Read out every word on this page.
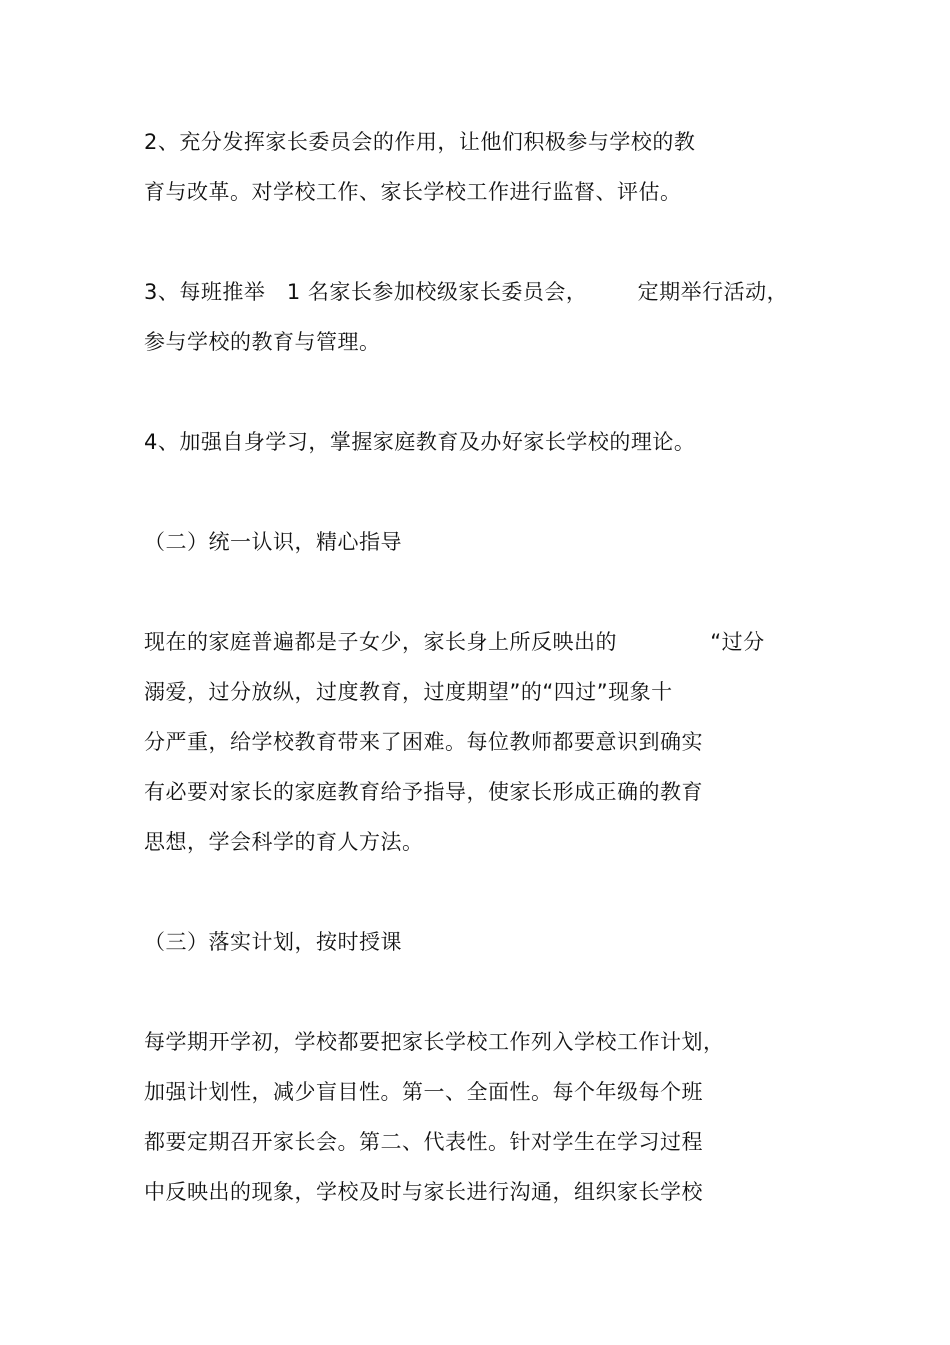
2、充分发挥家长委员会的作用，让他们积极参与学校的教
育与改革。对学校工作、家长学校工作进行监督、评估。
3、每班推举   1 名家长参加校级家长委员会，       定期举行活动，
参与学校的教育与管理。
4、加强自身学习，掌握家庭教育及办好家长学校的理论。
（二）统一认识，精心指导
现在的家庭普遍都是子女少，家长身上所反映出的             “过分
溺爱，过分放纵，过度教育，过度期望”的“四过”现象十
分严重，给学校教育带来了困难。每位教师都要意识到确实
有必要对家长的家庭教育给予指导，使家长形成正确的教育
思想，学会科学的育人方法。
（三）落实计划，按时授课
每学期开学初，学校都要把家长学校工作列入学校工作计划，
加强计划性，减少盲目性。第一、全面性。每个年级每个班
都要定期召开家长会。第二、代表性。针对学生在学习过程
中反映出的现象，学校及时与家长进行沟通，组织家长学校
